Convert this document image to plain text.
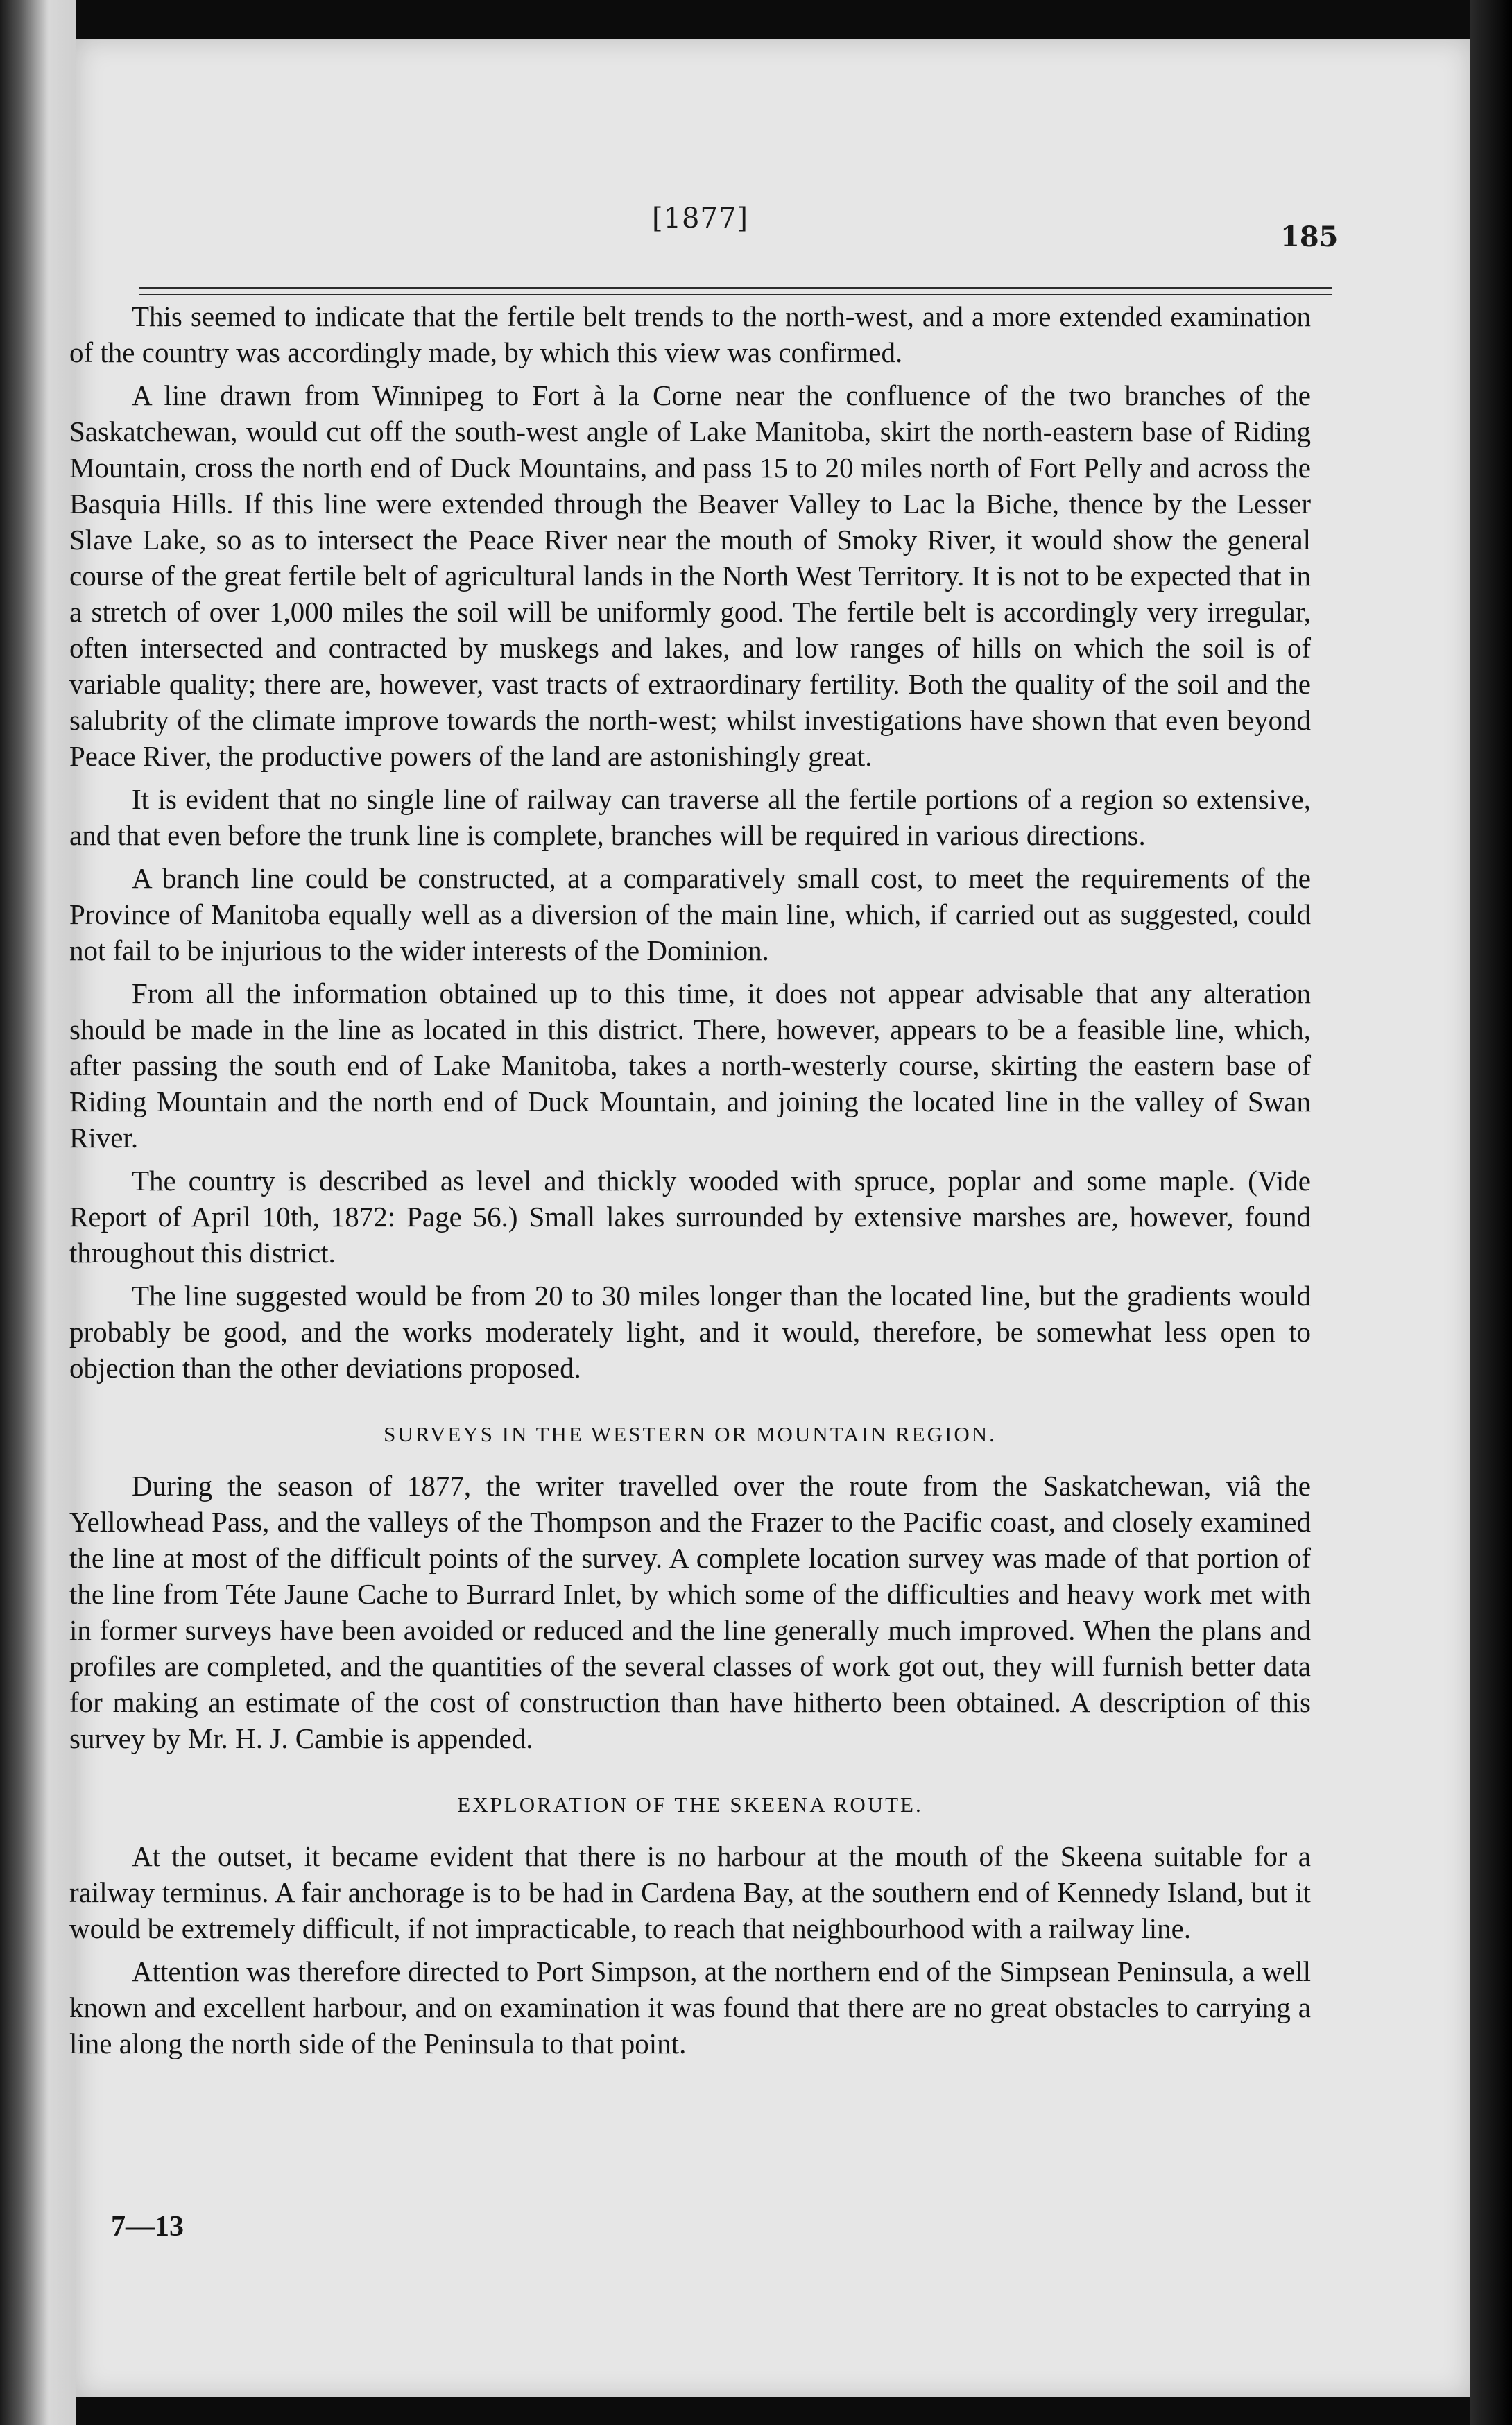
[1877]
185

This seemed to indicate that the fertile belt trends to the north-west, and a more extended examination of the country was accordingly made, by which this view was confirmed.

A line drawn from Winnipeg to Fort à la Corne near the confluence of the two branches of the Saskatchewan, would cut off the south-west angle of Lake Manitoba, skirt the north-eastern base of Riding Mountain, cross the north end of Duck Mountains, and pass 15 to 20 miles north of Fort Pelly and across the Basquia Hills. If this line were extended through the Beaver Valley to Lac la Biche, thence by the Lesser Slave Lake, so as to intersect the Peace River near the mouth of Smoky River, it would show the general course of the great fertile belt of agricultural lands in the North West Territory. It is not to be expected that in a stretch of over 1,000 miles the soil will be uniformly good. The fertile belt is accordingly very irregular, often intersected and contracted by muskegs and lakes, and low ranges of hills on which the soil is of variable quality; there are, however, vast tracts of extraordinary fertility. Both the quality of the soil and the salubrity of the climate improve towards the north-west; whilst investigations have shown that even beyond Peace River, the productive powers of the land are astonishingly great.

It is evident that no single line of railway can traverse all the fertile portions of a region so extensive, and that even before the trunk line is complete, branches will be required in various directions.

A branch line could be constructed, at a comparatively small cost, to meet the requirements of the Province of Manitoba equally well as a diversion of the main line, which, if carried out as suggested, could not fail to be injurious to the wider interests of the Dominion.

From all the information obtained up to this time, it does not appear advisable that any alteration should be made in the line as located in this district. There, however, appears to be a feasible line, which, after passing the south end of Lake Manitoba, takes a north-westerly course, skirting the eastern base of Riding Mountain and the north end of Duck Mountain, and joining the located line in the valley of Swan River.

The country is described as level and thickly wooded with spruce, poplar and some maple. (Vide Report of April 10th, 1872: Page 56.) Small lakes surrounded by extensive marshes are, however, found throughout this district.

The line suggested would be from 20 to 30 miles longer than the located line, but the gradients would probably be good, and the works moderately light, and it would, therefore, be somewhat less open to objection than the other deviations proposed.

SURVEYS IN THE WESTERN OR MOUNTAIN REGION.

During the season of 1877, the writer travelled over the route from the Saskatchewan, viâ the Yellowhead Pass, and the valleys of the Thompson and the Frazer to the Pacific coast, and closely examined the line at most of the difficult points of the survey. A complete location survey was made of that portion of the line from Téte Jaune Cache to Burrard Inlet, by which some of the difficulties and heavy work met with in former surveys have been avoided or reduced and the line generally much improved. When the plans and profiles are completed, and the quantities of the several classes of work got out, they will furnish better data for making an estimate of the cost of construction than have hitherto been obtained. A description of this survey by Mr. H. J. Cambie is appended.

EXPLORATION OF THE SKEENA ROUTE.

At the outset, it became evident that there is no harbour at the mouth of the Skeena suitable for a railway terminus. A fair anchorage is to be had in Cardena Bay, at the southern end of Kennedy Island, but it would be extremely difficult, if not impracticable, to reach that neighbourhood with a railway line.

Attention was therefore directed to Port Simpson, at the northern end of the Simpsean Peninsula, a well known and excellent harbour, and on examination it was found that there are no great obstacles to carrying a line along the north side of the Peninsula to that point.

7—13
